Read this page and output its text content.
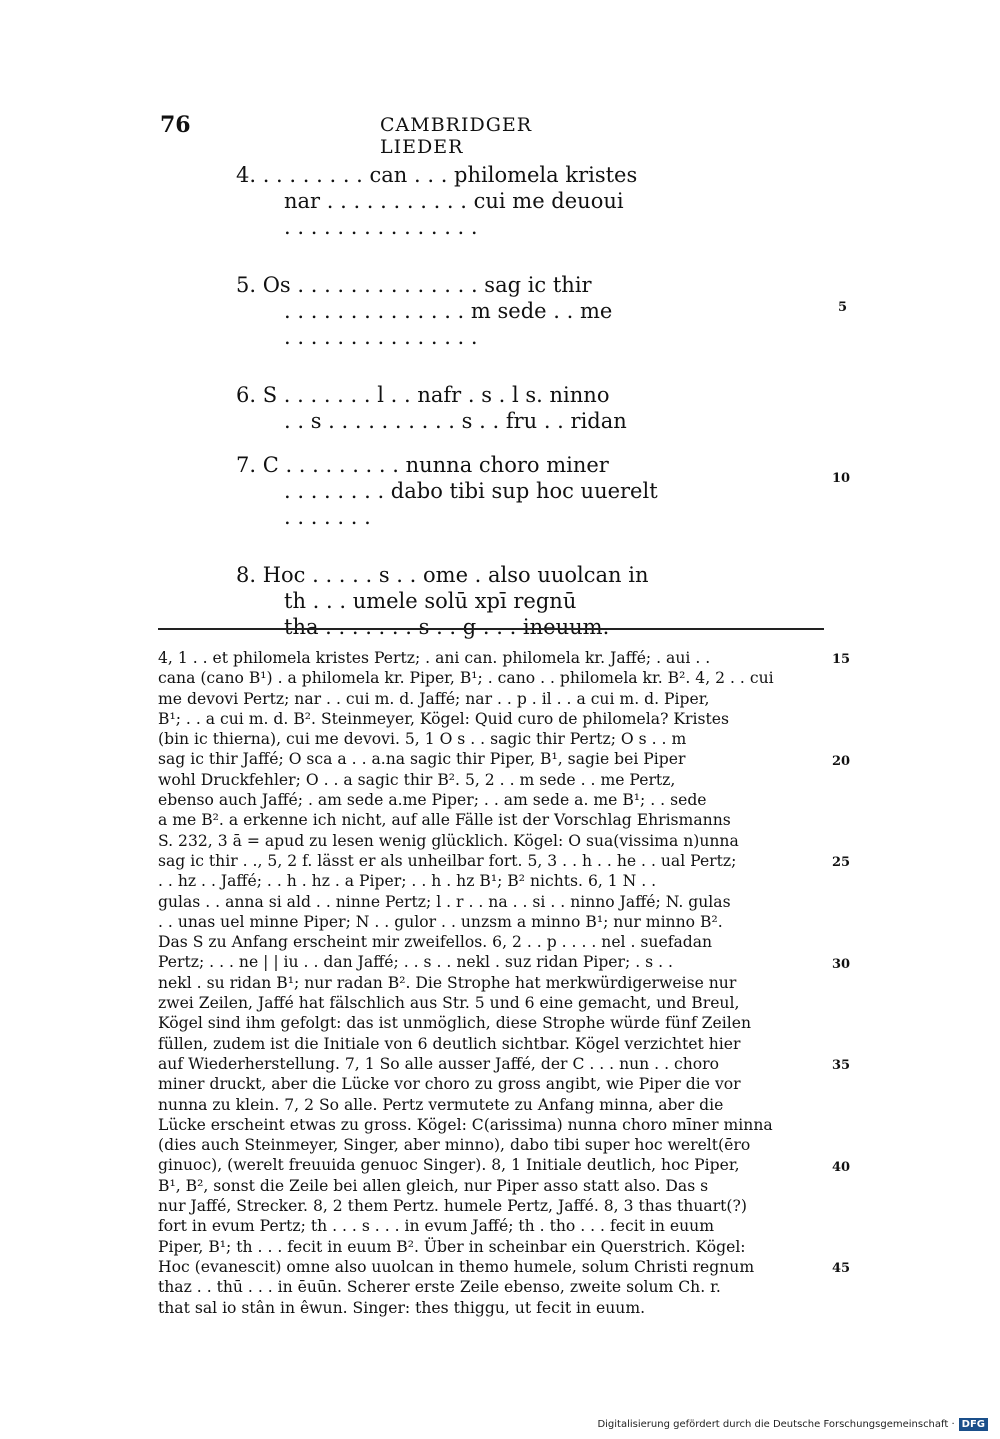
76	CAMBRIDGER LIEDER
4. . . . . . . . . can . . . philomela kristes
nar . . . . . . . . . . . cui me deuoui
. . . . . . . . . . . . . . .
5. Os . . . . . . . . . . . . . . sag ic thir
. . . . . . . . . . . . . . m sede . . me
. . . . . . . . . . . . . . .
6. S . . . . . . . l . . nafr . s . l s. ninno
. . s . . . . . . . . . . s . . fru . . ridan
7. C . . . . . . . . . nunna choro miner
. . . . . . . . dabo tibi sup hoc uuerelt
. . . . . . .
8. Hoc . . . . . s . . ome . also uuolcan in
th . . . umele solū xpī regnū
tha . . . . . . . s . . g . . . ineuum.
5
10
4, 1 . . et philomela kristes Pertz; . ani can. philomela kr. Jaffé; . aui . .
cana (cano B¹) . a philomela kr. Piper, B¹; . cano . . philomela kr. B². 4, 2 . . cui
me devovi Pertz; nar . . cui m. d. Jaffé; nar . . p . il . . a cui m. d. Piper,
B¹; . . a cui m. d. B². Steinmeyer, Kögel: Quid curo de philomela? Kristes
(bin ic thierna), cui me devovi. 5, 1 O s . . sagic thir Pertz; O s . . m
sag ic thir Jaffé; O sca a . . a.na sagic thir Piper, B¹, sagie bei Piper
wohl Druckfehler; O . . a sagic thir B². 5, 2 . . m sede . . me Pertz,
ebenso auch Jaffé; . am sede a.me Piper; . . am sede a. me B¹; . . sede
a me B². a erkenne ich nicht, auf alle Fälle ist der Vorschlag Ehrismanns
S. 232, 3 ā = apud zu lesen wenig glücklich. Kögel: O sua(vissima n)unna
sag ic thir . ., 5, 2 f. lässt er als unheilbar fort. 5, 3 . . h . . he . . ual Pertz;
. . hz . . Jaffé; . . h . hz . a Piper; . . h . hz B¹; B² nichts. 6, 1 N . .
gulas . . anna si ald . . ninne Pertz; l . r . . na . . si . . ninno Jaffé; N. gulas
. . unas uel minne Piper; N . . gulor . . unzsm a minno B¹; nur minno B².
Das S zu Anfang erscheint mir zweifellos. 6, 2 . . p . . . . nel . suefadan
Pertz; . . . ne | | iu . . dan Jaffé; . . s . . nekl . suz ridan Piper; . s . .
nekl . su ridan B¹; nur radan B². Die Strophe hat merkwürdigerweise nur
zwei Zeilen, Jaffé hat fälschlich aus Str. 5 und 6 eine gemacht, und Breul,
Kögel sind ihm gefolgt: das ist unmöglich, diese Strophe würde fünf Zeilen
füllen, zudem ist die Initiale von 6 deutlich sichtbar. Kögel verzichtet hier
auf Wiederherstellung. 7, 1 So alle ausser Jaffé, der C . . . nun . . choro
miner druckt, aber die Lücke vor choro zu gross angibt, wie Piper die vor
nunna zu klein. 7, 2 So alle. Pertz vermutete zu Anfang minna, aber die
Lücke erscheint etwas zu gross. Kögel: C(arissima) nunna choro mīner minna
(dies auch Steinmeyer, Singer, aber minno), dabo tibi super hoc werelt(ēro
ginuoc), (werelt freuuida genuoc Singer). 8, 1 Initiale deutlich, hoc Piper,
B¹, B², sonst die Zeile bei allen gleich, nur Piper asso statt also. Das s
nur Jaffé, Strecker. 8, 2 them Pertz. humele Pertz, Jaffé. 8, 3 thas thuart(?)
fort in evum Pertz; th . . . s . . . in evum Jaffé; th . tho . . . fecit in euum
Piper, B¹; th . . . fecit in euum B². Über in scheinbar ein Querstrich. Kögel:
Hoc (evanescit) omne also uuolcan in themo humele, solum Christi regnum
thaz . . thū . . . in ēuūn. Scherer erste Zeile ebenso, zweite solum Ch. r.
that sal io stân in êwun. Singer: thes thiggu, ut fecit in euum.
15
20
25
30
35
40
45
Digitalisierung gefördert durch die Deutsche Forschungsgemeinschaft · DFG
